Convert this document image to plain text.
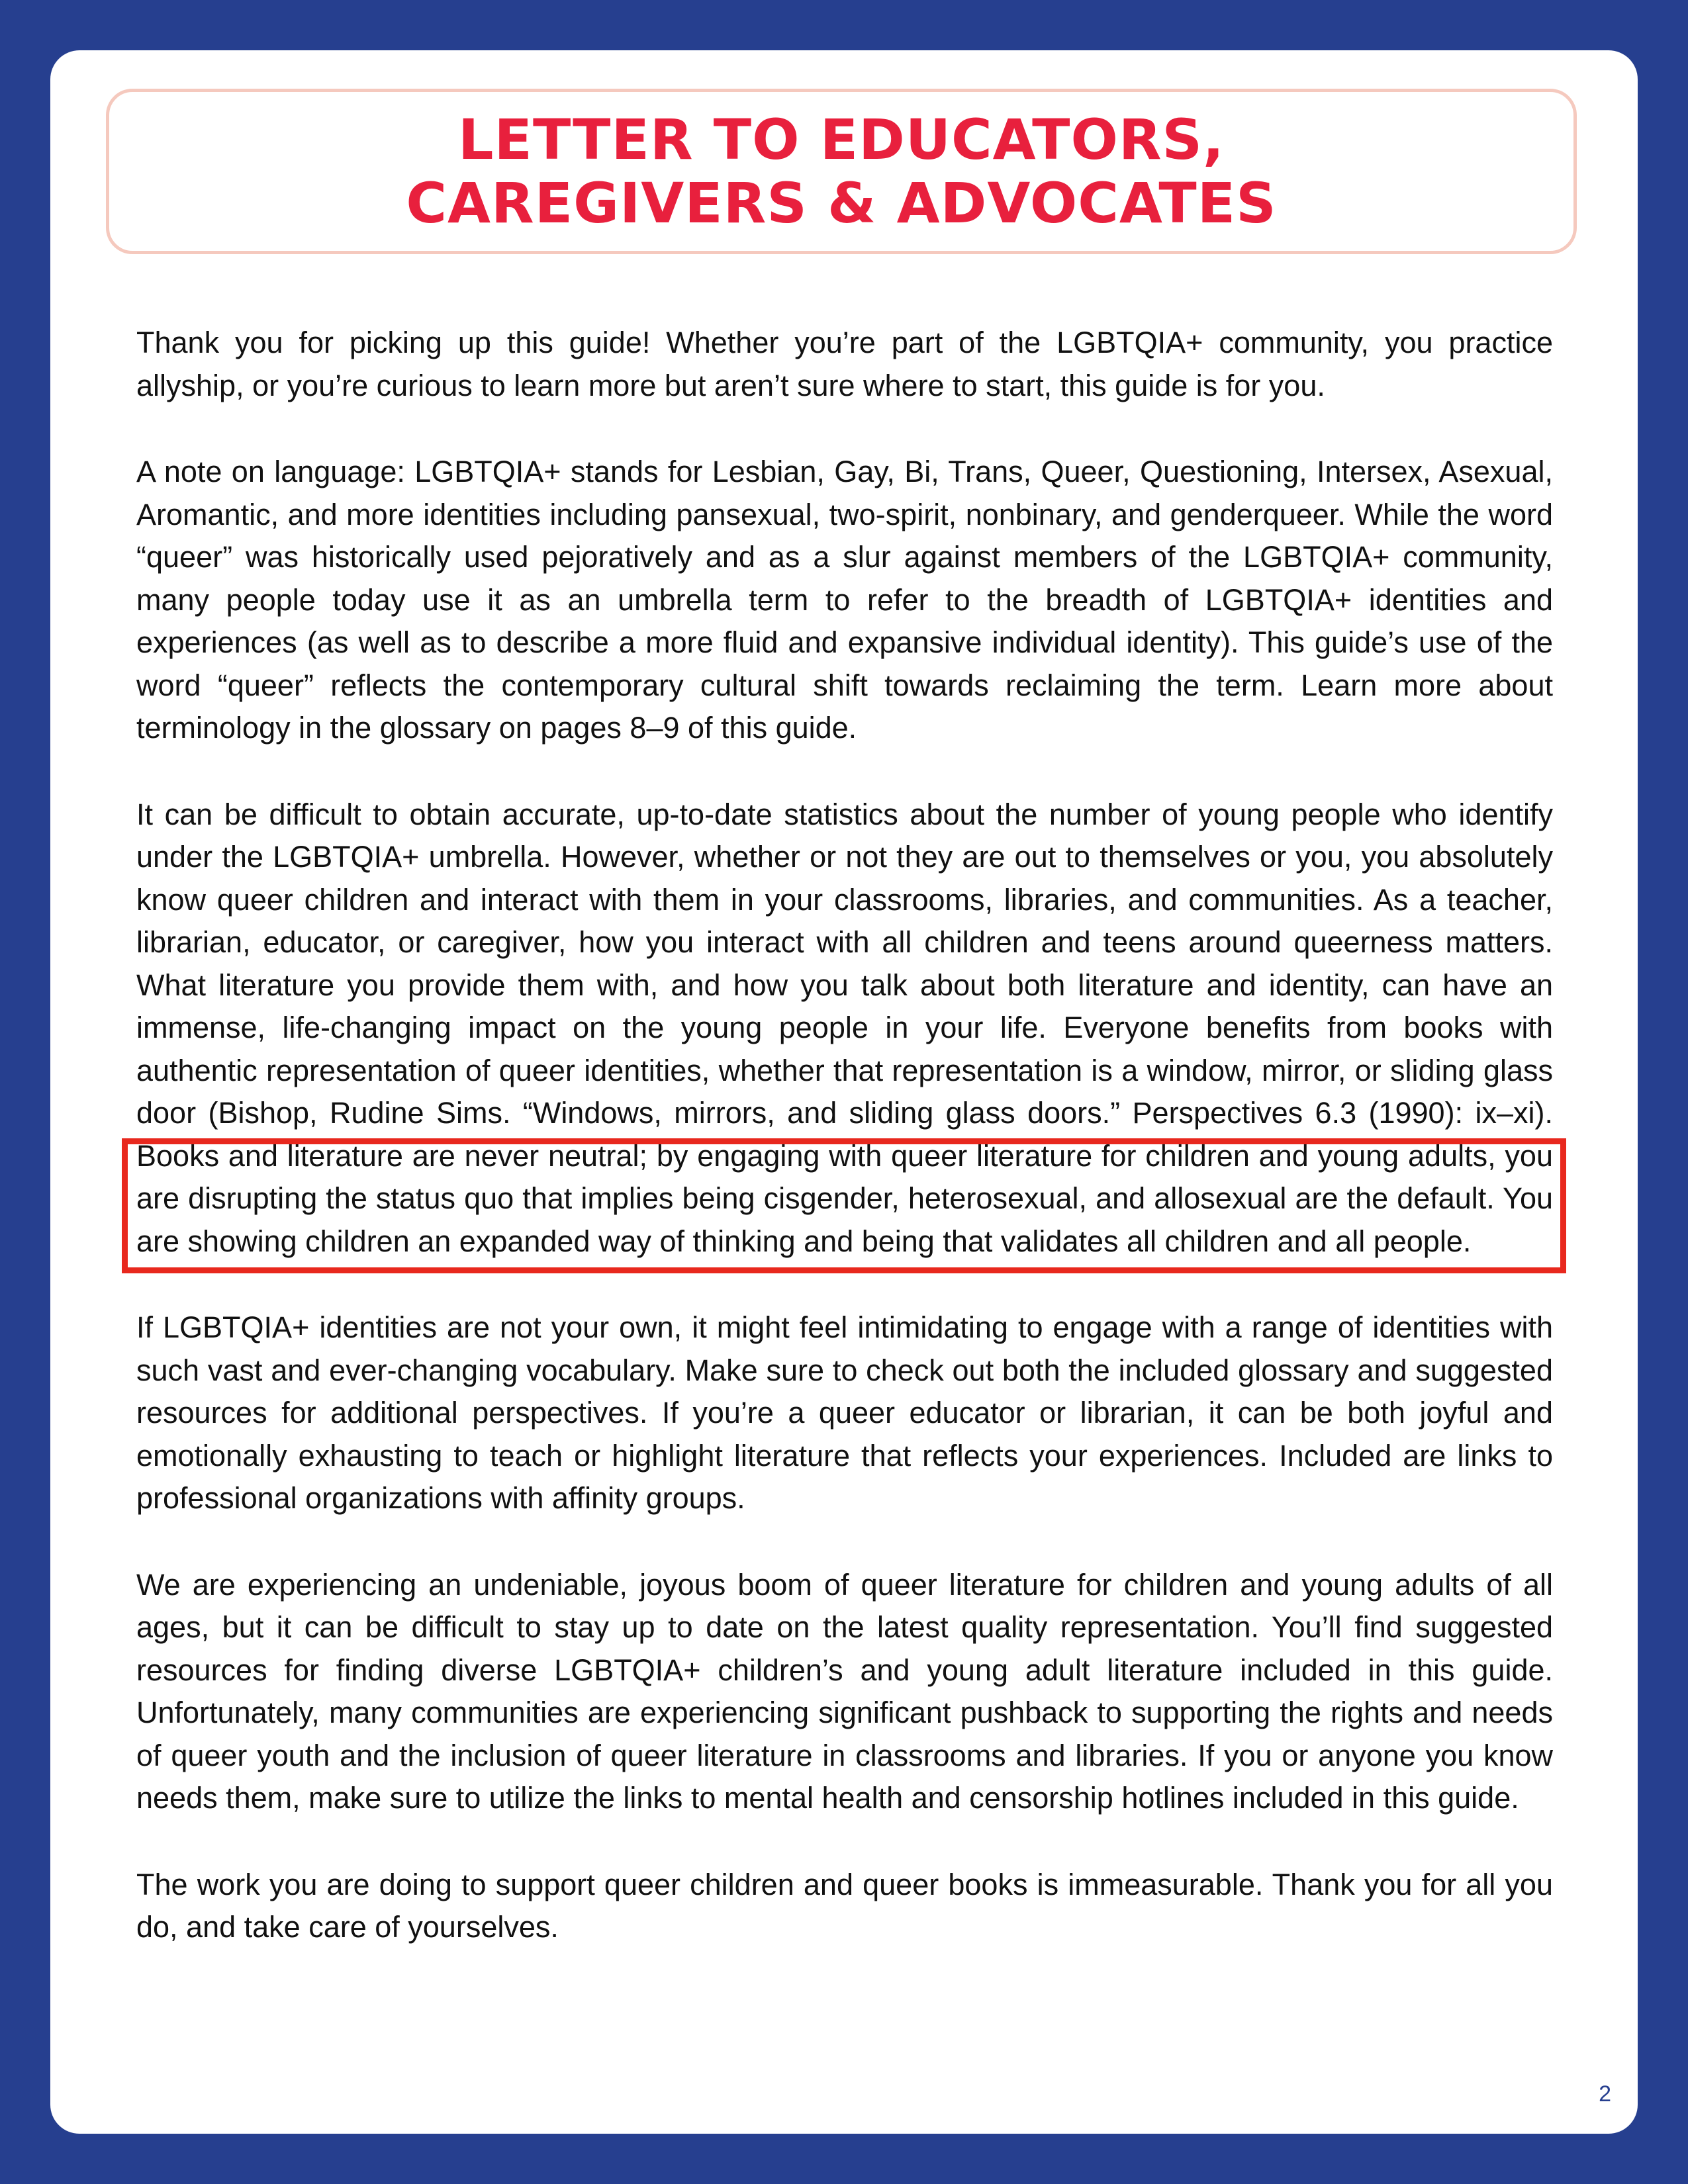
LETTER TO EDUCATORS,
CAREGIVERS & ADVOCATES

Thank you for picking up this guide! Whether you’re part of the LGBTQIA+ community, you practice allyship, or you’re curious to learn more but aren’t sure where to start, this guide is for you.

A note on language: LGBTQIA+ stands for Lesbian, Gay, Bi, Trans, Queer, Questioning, Intersex, Asexual, Aromantic, and more identities including pansexual, two-spirit, nonbinary, and genderqueer. While the word “queer” was historically used pejoratively and as a slur against members of the LGBTQIA+ community, many people today use it as an umbrella term to refer to the breadth of LGBTQIA+ identities and experiences (as well as to describe a more fluid and expansive individual identity). This guide’s use of the word “queer” reflects the contemporary cultural shift towards reclaiming the term. Learn more about terminology in the glossary on pages 8–9 of this guide.

It can be difficult to obtain accurate, up-to-date statistics about the number of young people who identify under the LGBTQIA+ umbrella. However, whether or not they are out to themselves or you, you absolutely know queer children and interact with them in your classrooms, libraries, and communities. As a teacher, librarian, educator, or caregiver, how you interact with all children and teens around queerness matters. What literature you provide them with, and how you talk about both literature and identity, can have an immense, life-changing impact on the young people in your life. Everyone benefits from books with authentic representation of queer identities, whether that representation is a window, mirror, or sliding glass door (Bishop, Rudine Sims. “Windows, mirrors, and sliding glass doors.” Perspectives 6.3 (1990): ix–xi). Books and literature are never neutral; by engaging with queer literature for children and young adults, you are disrupting the status quo that implies being cisgender, heterosexual, and allosexual are the default. You are showing children an expanded way of thinking and being that validates all children and all people.

If LGBTQIA+ identities are not your own, it might feel intimidating to engage with a range of identities with such vast and ever-changing vocabulary. Make sure to check out both the included glossary and suggested resources for additional perspectives. If you’re a queer educator or librarian, it can be both joyful and emotionally exhausting to teach or highlight literature that reflects your experiences. Included are links to professional organizations with affinity groups.

We are experiencing an undeniable, joyous boom of queer literature for children and young adults of all ages, but it can be difficult to stay up to date on the latest quality representation. You’ll find suggested resources for finding diverse LGBTQIA+ children’s and young adult literature included in this guide. Unfortunately, many communities are experiencing significant pushback to supporting the rights and needs of queer youth and the inclusion of queer literature in classrooms and libraries. If you or anyone you know needs them, make sure to utilize the links to mental health and censorship hotlines included in this guide.

The work you are doing to support queer children and queer books is immeasurable. Thank you for all you do, and take care of yourselves.

2
